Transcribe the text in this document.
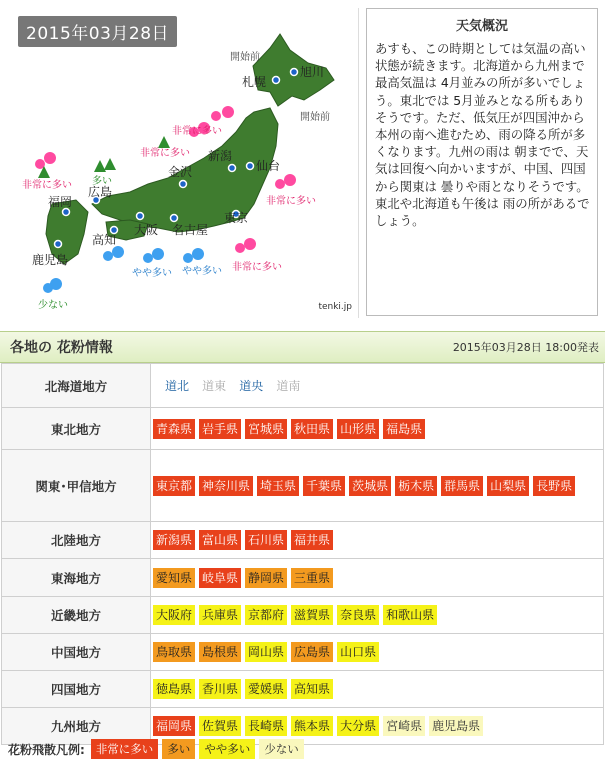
旭川
札幌
仙台
新潟
金沢
東京
名古屋
大阪
広島
高知
福岡
鹿児島
非常に多い
多い
非常に多い
非常に多い
非常に多い
やや多い やや多い
少ない
開始前
開始前
非常に多い
2015年03月28日
tenki.jp
天気概況
あすも、この時期としては気温の高い状態が続きます。北海道から九州まで最高気温は 4月並みの所が多いでしょう。東北では 5月並みとなる所もありそうです。ただ、低気圧が四国沖から本州の南へ進むため、雨の降る所が多くなります。九州の雨は 朝までで、天気は回復へ向かいますが、中国、四国から関東は 曇りや雨となりそうです。東北や北海道も午後は 雨の所があるでしょう。
各地の 花粉情報	2015年03月28日 18:00発表
北海道地方	道北 道東 道央 道南
東北地方	青森県 岩手県 宮城県 秋田県 山形県 福島県
関東･甲信地方	東京都 神奈川県 埼玉県 千葉県 茨城県 栃木県 群馬県 山梨県 長野県
北陸地方	新潟県 富山県 石川県 福井県
東海地方	愛知県 岐阜県 静岡県 三重県
近畿地方	大阪府 兵庫県 京都府 滋賀県 奈良県 和歌山県
中国地方	鳥取県 島根県 岡山県 広島県 山口県
四国地方	徳島県 香川県 愛媛県 高知県
九州地方	福岡県 佐賀県 長崎県 熊本県 大分県 宮崎県 鹿児島県
花粉飛散凡例: 非常に多い	多い	やや多い	少ない
